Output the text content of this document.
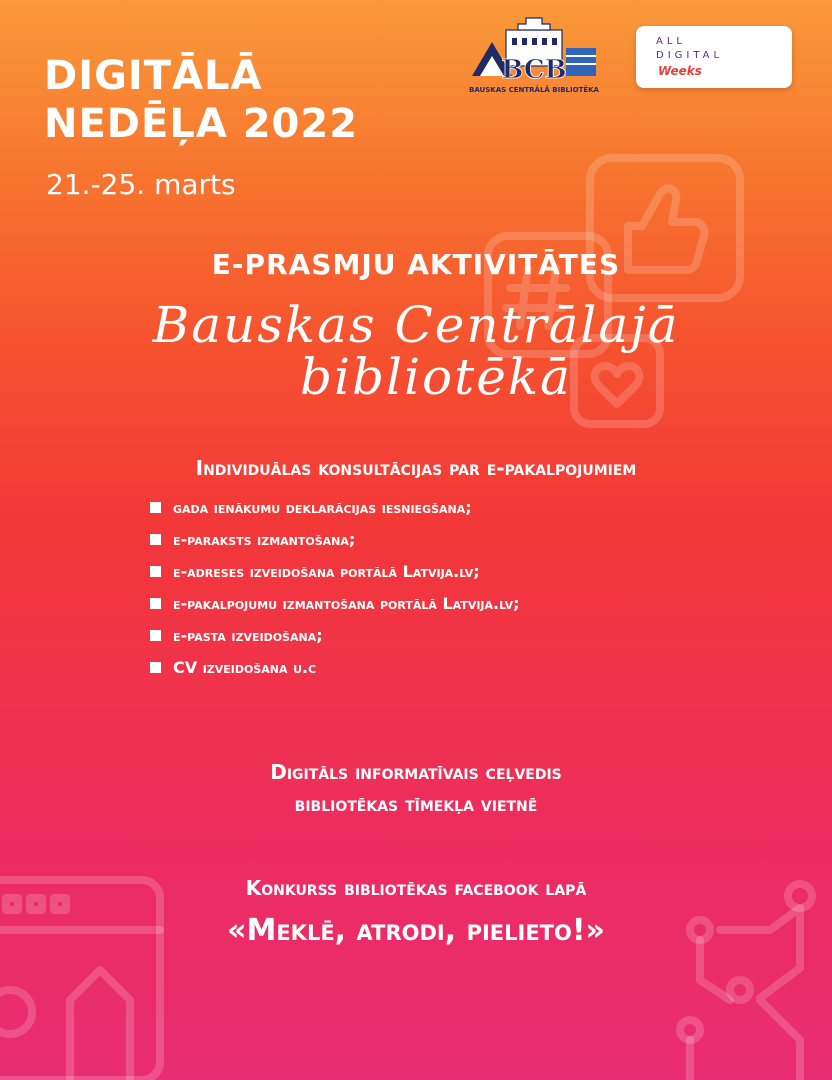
DIGITĀLĀ
NEDĒĻA 2022
21.-25. marts
BCB
BAUSKAS CENTRĀLĀ BIBLIOTĒKA
ALL
DIGITAL
Weeks
E-PRASMJU AKTIVITĀTES
Bauskas Centrālajā
bibliotēkā
Individuālas konsultācijas par e-pakalpojumiem
gada ienākumu deklarācijas iesniegšana;
e-paraksts izmantošana;
e-adreses izveidošana portālā Latvija.lv;
e-pakalpojumu izmantošana portālā Latvija.lv;
e-pasta izveidošana;
CV izveidošana u.c
Digitāls informatīvais ceļvedis
bibliotēkas tīmekļa vietnē
Konkurss bibliotēkas facebook lapā
«Meklē, atrodi, pielieto!»
